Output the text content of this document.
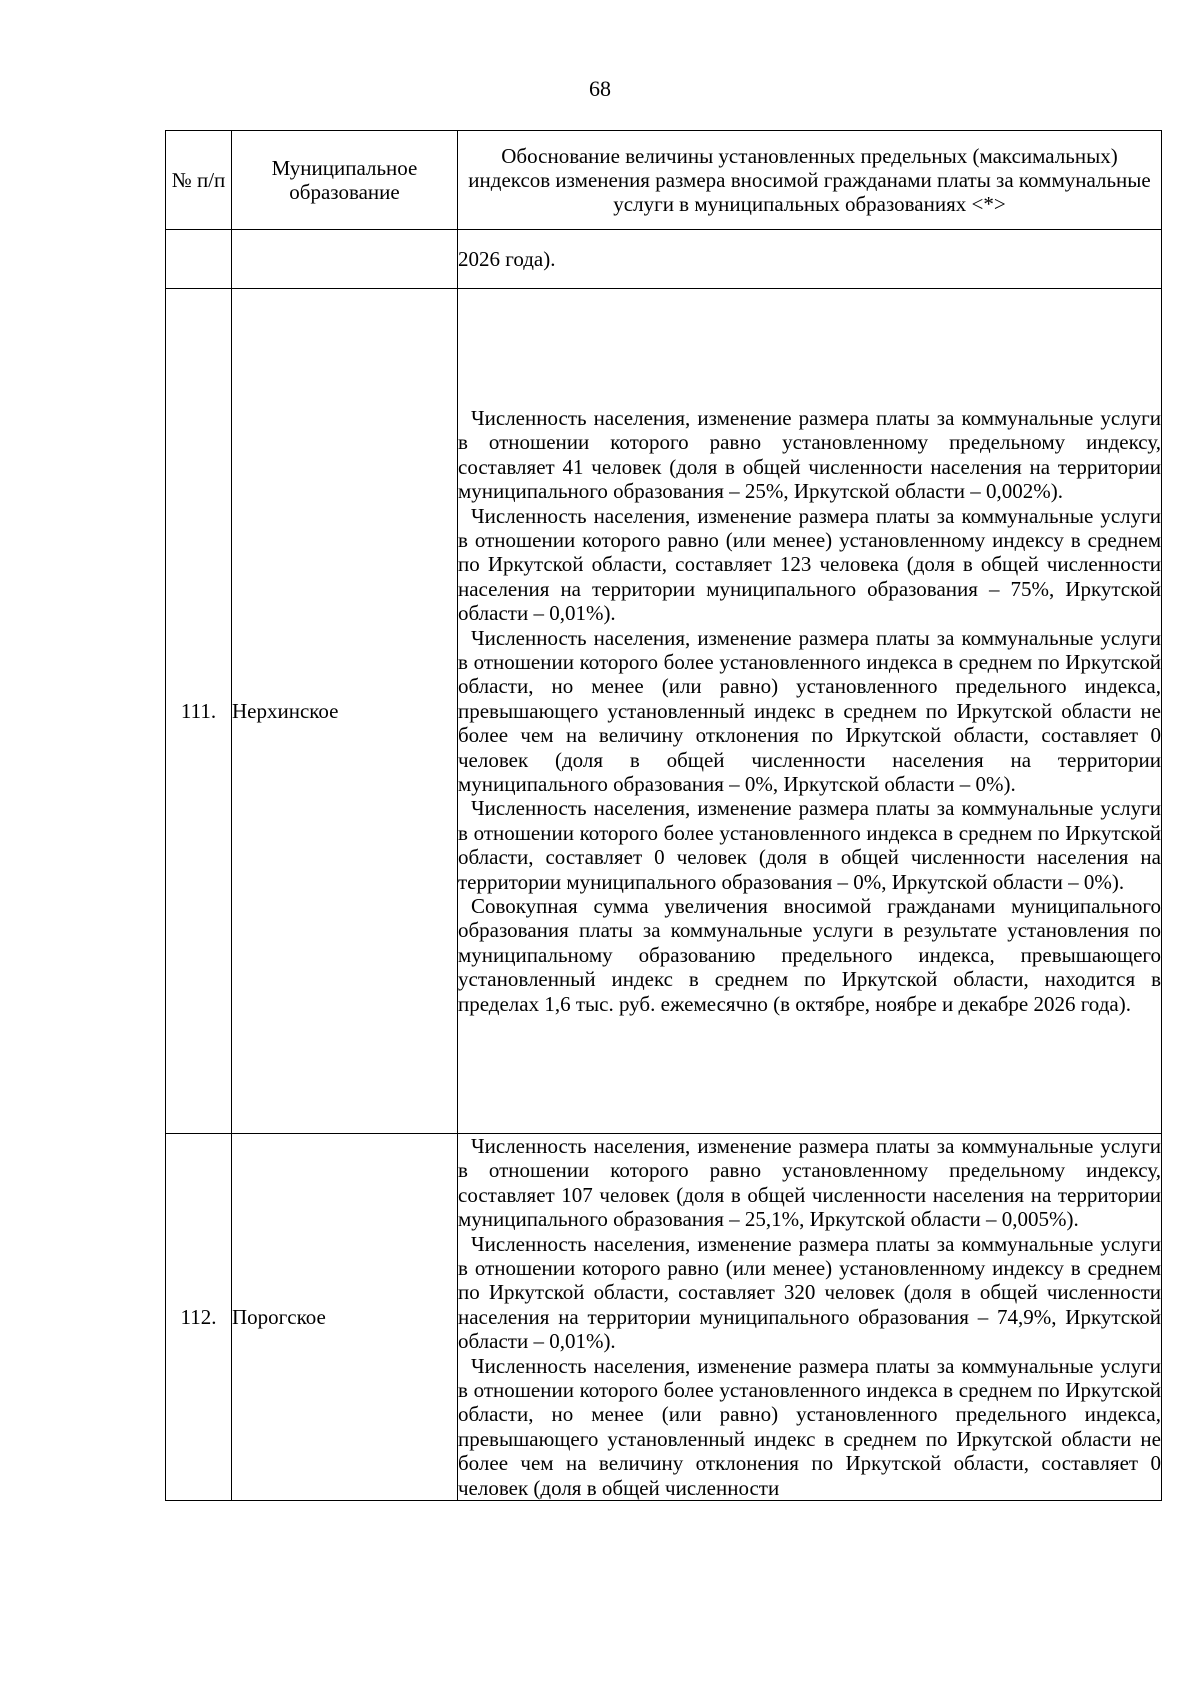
68
№ п/п	Муниципальное образование	Обоснование величины установленных предельных (максимальных) индексов изменения размера вносимой гражданами платы за коммунальные услуги в муниципальных образованиях <*>

		2026 года).

111.	Нерхинское	Численность населения, изменение размера платы за коммунальные услуги в отношении которого равно установленному предельному индексу, составляет 41 человек (доля в общей численности населения на территории муниципального образования – 25%, Иркутской области – 0,002%).

Численность населения, изменение размера платы за коммунальные услуги в отношении которого равно (или менее) установленному индексу в среднем по Иркутской области, составляет 123 человека (доля в общей численности населения на территории муниципального образования – 75%, Иркутской области – 0,01%).

Численность населения, изменение размера платы за коммунальные услуги в отношении которого более установленного индекса в среднем по Иркутской области, но менее (или равно) установленного предельного индекса, превышающего установленный индекс в среднем по Иркутской области не более чем на величину отклонения по Иркутской области, составляет 0 человек (доля в общей численности населения на территории муниципального образования – 0%, Иркутской области – 0%).

Численность населения, изменение размера платы за коммунальные услуги в отношении которого более установленного индекса в среднем по Иркутской области, составляет 0 человек (доля в общей численности населения на территории муниципального образования – 0%, Иркутской области – 0%).

Совокупная сумма увеличения вносимой гражданами муниципального образования платы за коммунальные услуги в результате установления по муниципальному образованию предельного индекса, превышающего установленный индекс в среднем по Иркутской области, находится в пределах 1,6 тыс. руб. ежемесячно (в октябре, ноябре и декабре 2026 года).

112.	Порогское	Численность населения, изменение размера платы за коммунальные услуги в отношении которого равно установленному предельному индексу, составляет 107 человек (доля в общей численности населения на территории муниципального образования – 25,1%, Иркутской области – 0,005%).

Численность населения, изменение размера платы за коммунальные услуги в отношении которого равно (или менее) установленному индексу в среднем по Иркутской области, составляет 320 человек (доля в общей численности населения на территории муниципального образования – 74,9%, Иркутской области – 0,01%).

Численность населения, изменение размера платы за коммунальные услуги в отношении которого более установленного индекса в среднем по Иркутской области, но менее (или равно) установленного предельного индекса, превышающего установленный индекс в среднем по Иркутской области не более чем на величину отклонения по Иркутской области, составляет 0 человек (доля в общей численности
